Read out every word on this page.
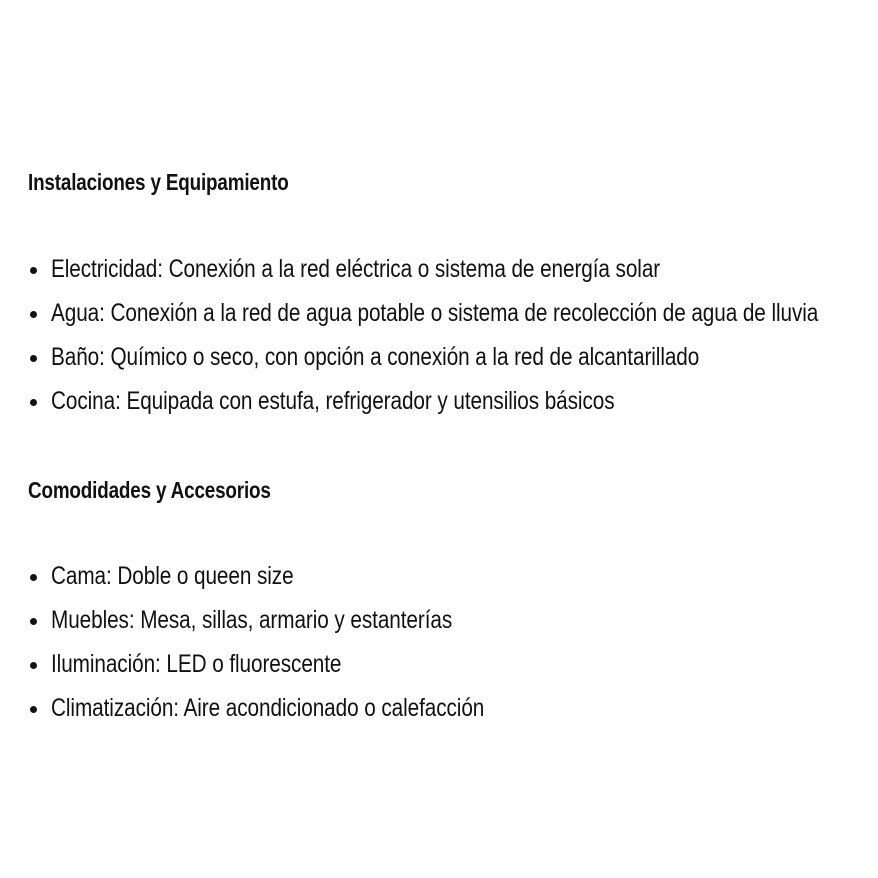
Instalaciones y Equipamiento
Electricidad: Conexión a la red eléctrica o sistema de energía solar
Agua: Conexión a la red de agua potable o sistema de recolección de agua de lluvia
Baño: Químico o seco, con opción a conexión a la red de alcantarillado
Cocina: Equipada con estufa, refrigerador y utensilios básicos
Comodidades y Accesorios
Cama: Doble o queen size
Muebles: Mesa, sillas, armario y estanterías
Iluminación: LED o fluorescente
Climatización: Aire acondicionado o calefacción
